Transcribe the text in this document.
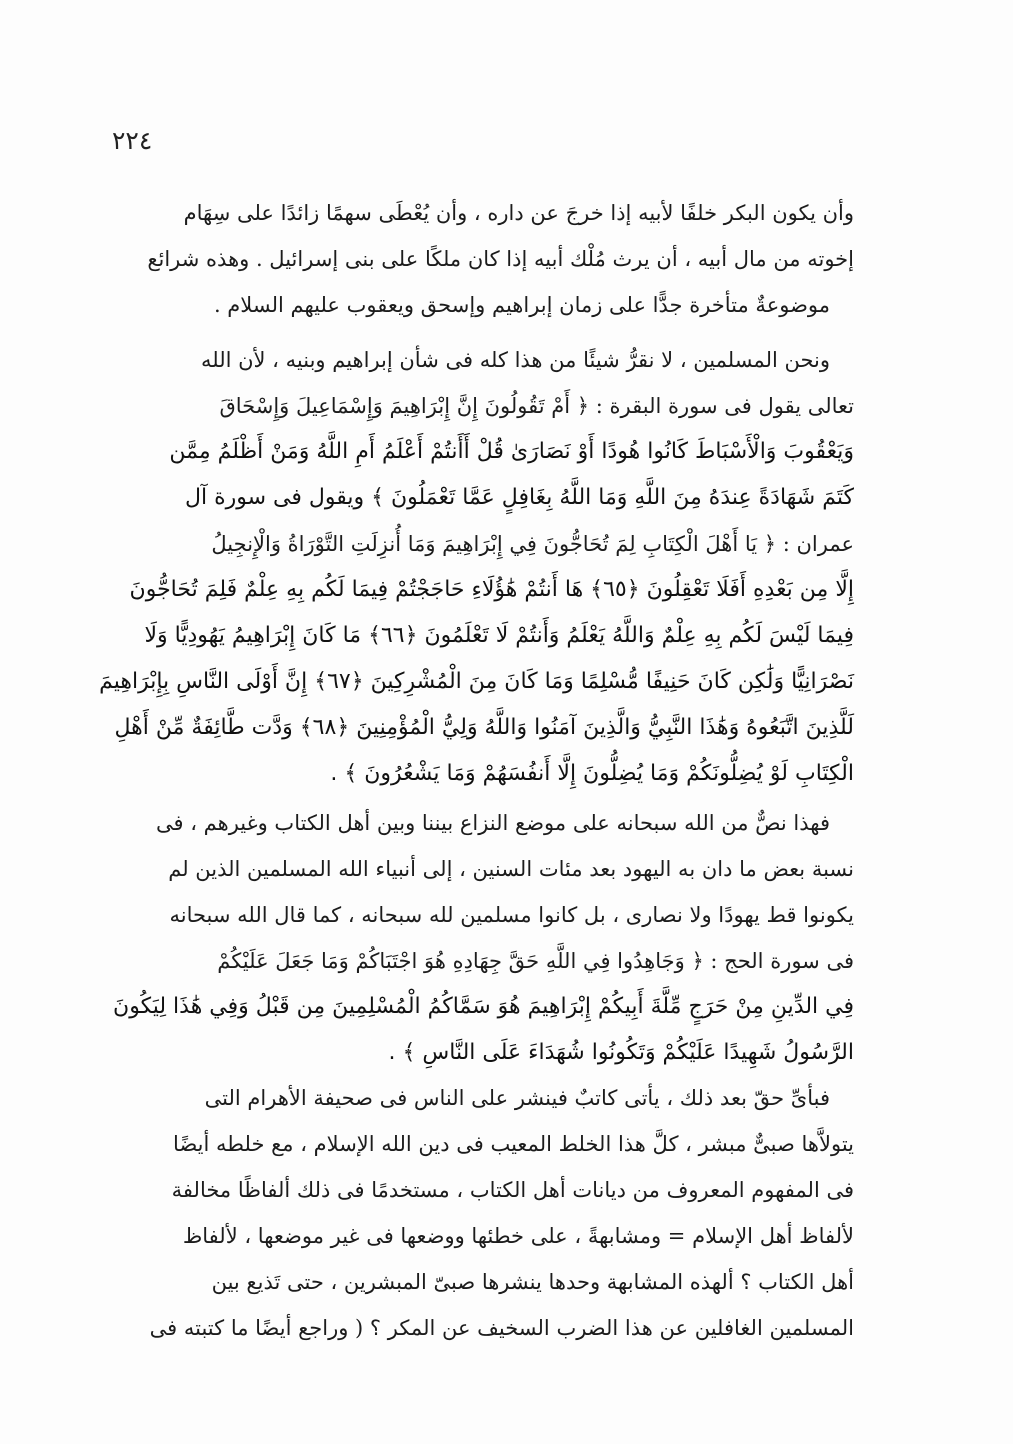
٢٢٤
وأن يكون البكر خلفًا لأبيه إذا خرجَ عن داره ، وأن يُعْطَى سهمًا زائدًا على سِهَام
إخوته من مال أبيه ، أن يرث مُلْك أبيه إذا كان ملكًا على بنى إسرائيل . وهذه شرائع
موضوعةٌ متأخرة جدًّا على زمان إبراهيم وإسحق ويعقوب عليهم السلام .
ونحن المسلمين ، لا نقرُّ شيئًا من هذا كله فى شأن إبراهيم وبنيه ، لأن الله
تعالى يقول فى سورة البقرة : ﴿ أَمْ تَقُولُونَ إِنَّ إِبْرَاهِيمَ وَإِسْمَاعِيلَ وَإِسْحَاقَ
وَيَعْقُوبَ وَالْأَسْبَاطَ كَانُوا هُودًا أَوْ نَصَارَىٰ قُلْ أَأَنتُمْ أَعْلَمُ أَمِ اللَّهُ وَمَنْ أَظْلَمُ مِمَّن
كَتَمَ شَهَادَةً عِندَهُ مِنَ اللَّهِ وَمَا اللَّهُ بِغَافِلٍ عَمَّا تَعْمَلُونَ ﴾ ويقول فى سورة آل
عمران : ﴿ يَا أَهْلَ الْكِتَابِ لِمَ تُحَاجُّونَ فِي إِبْرَاهِيمَ وَمَا أُنزِلَتِ التَّوْرَاةُ وَالْإِنجِيلُ
إِلَّا مِن بَعْدِهِ أَفَلَا تَعْقِلُونَ ﴿٦٥﴾ هَا أَنتُمْ هَٰؤُلَاءِ حَاجَجْتُمْ فِيمَا لَكُم بِهِ عِلْمٌ فَلِمَ تُحَاجُّونَ
فِيمَا لَيْسَ لَكُم بِهِ عِلْمٌ وَاللَّهُ يَعْلَمُ وَأَنتُمْ لَا تَعْلَمُونَ ﴿٦٦﴾ مَا كَانَ إِبْرَاهِيمُ يَهُودِيًّا وَلَا
نَصْرَانِيًّا وَلَٰكِن كَانَ حَنِيفًا مُّسْلِمًا وَمَا كَانَ مِنَ الْمُشْرِكِينَ ﴿٦٧﴾ إِنَّ أَوْلَى النَّاسِ بِإِبْرَاهِيمَ
لَلَّذِينَ اتَّبَعُوهُ وَهَٰذَا النَّبِيُّ وَالَّذِينَ آمَنُوا وَاللَّهُ وَلِيُّ الْمُؤْمِنِينَ ﴿٦٨﴾ وَدَّت طَّائِفَةٌ مِّنْ أَهْلِ
الْكِتَابِ لَوْ يُضِلُّونَكُمْ وَمَا يُضِلُّونَ إِلَّا أَنفُسَهُمْ وَمَا يَشْعُرُونَ ﴾ .
فهذا نصٌّ من الله سبحانه على موضع النزاع بيننا وبين أهل الكتاب وغيرهم ، فى
نسبة بعض ما دان به اليهود بعد مئات السنين ، إلى أنبياء الله المسلمين الذين لم
يكونوا قط يهودًا ولا نصارى ، بل كانوا مسلمين لله سبحانه ، كما قال الله سبحانه
فى سورة الحج : ﴿ وَجَاهِدُوا فِي اللَّهِ حَقَّ جِهَادِهِ هُوَ اجْتَبَاكُمْ وَمَا جَعَلَ عَلَيْكُمْ
فِي الدِّينِ مِنْ حَرَجٍ مِّلَّةَ أَبِيكُمْ إِبْرَاهِيمَ هُوَ سَمَّاكُمُ الْمُسْلِمِينَ مِن قَبْلُ وَفِي هَٰذَا لِيَكُونَ
الرَّسُولُ شَهِيدًا عَلَيْكُمْ وَتَكُونُوا شُهَدَاءَ عَلَى النَّاسِ ﴾ .
فبأىِّ حقّ بعد ذلك ، يأتى كاتبٌ فينشر على الناس فى صحيفة الأهرام التى
يتولاَّها صبىٌّ مبشر ، كلَّ هذا الخلط المعيب فى دين الله الإسلام ، مع خلطه أيضًا
فى المفهوم المعروف من ديانات أهل الكتاب ، مستخدمًا فى ذلك ألفاظًا مخالفة
لألفاظ أهل الإسلام = ومشابهةً ، على خطئها ووضعها فى غير موضعها ، لألفاظ
أهل الكتاب ؟ ألهذه المشابهة وحدها ينشرها صبىّ المبشرين ، حتى تَذيع بين
المسلمين الغافلين عن هذا الضرب السخيف عن المكر ؟ ( وراجع أيضًا ما كتبته فى
